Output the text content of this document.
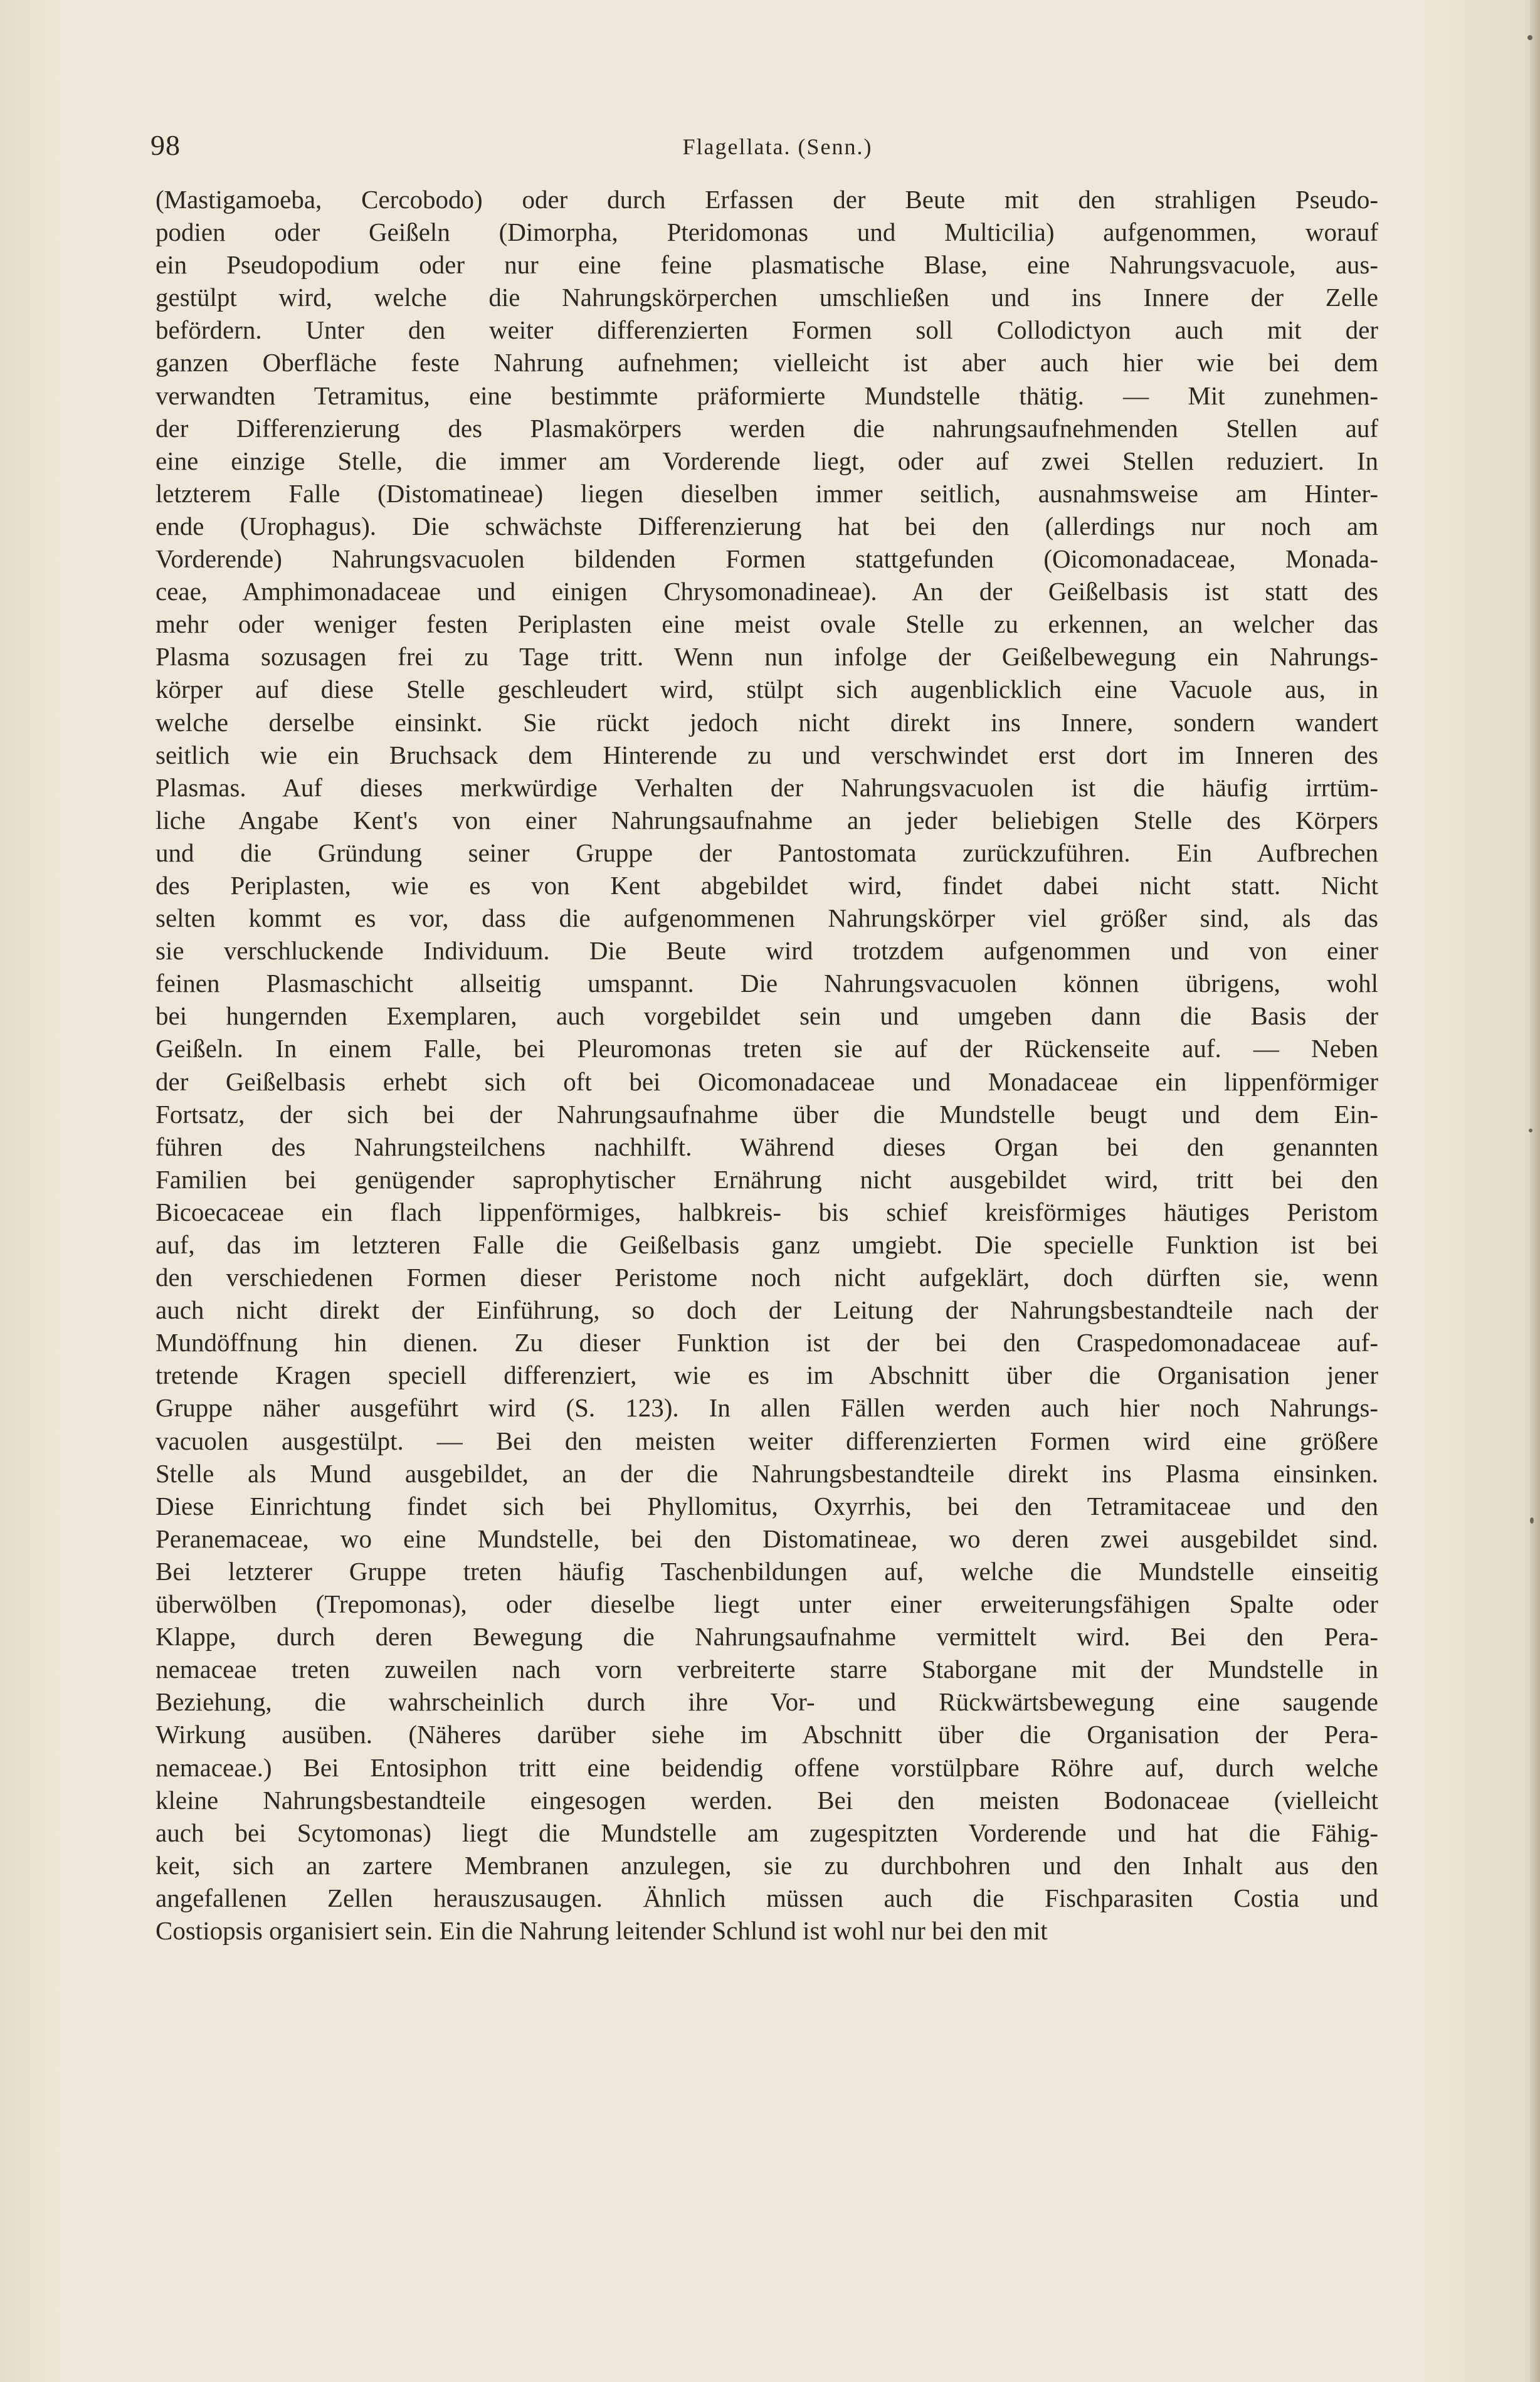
98	Flagellata. (Senn.)
(Mastigamoeba, Cercobodo) oder durch Erfassen der Beute mit den strahligen Pseudo-
podien oder Geißeln (Dimorpha, Pteridomonas und Multicilia) aufgenommen, worauf
ein Pseudopodium oder nur eine feine plasmatische Blase, eine Nahrungsvacuole, aus-
gestülpt wird, welche die Nahrungskörperchen umschließen und ins Innere der Zelle
befördern. Unter den weiter differenzierten Formen soll Collodictyon auch mit der
ganzen Oberfläche feste Nahrung aufnehmen; vielleicht ist aber auch hier wie bei dem
verwandten Tetramitus, eine bestimmte präformierte Mundstelle thätig. — Mit zunehmen-
der Differenzierung des Plasmakörpers werden die nahrungsaufnehmenden Stellen auf
eine einzige Stelle, die immer am Vorderende liegt, oder auf zwei Stellen reduziert. In
letzterem Falle (Distomatineae) liegen dieselben immer seitlich, ausnahmsweise am Hinter-
ende (Urophagus). Die schwächste Differenzierung hat bei den (allerdings nur noch am
Vorderende) Nahrungsvacuolen bildenden Formen stattgefunden (Oicomonadaceae, Monada-
ceae, Amphimonadaceae und einigen Chrysomonadineae). An der Geißelbasis ist statt des
mehr oder weniger festen Periplasten eine meist ovale Stelle zu erkennen, an welcher das
Plasma sozusagen frei zu Tage tritt. Wenn nun infolge der Geißelbewegung ein Nahrungs-
körper auf diese Stelle geschleudert wird, stülpt sich augenblicklich eine Vacuole aus, in
welche derselbe einsinkt. Sie rückt jedoch nicht direkt ins Innere, sondern wandert
seitlich wie ein Bruchsack dem Hinterende zu und verschwindet erst dort im Inneren des
Plasmas. Auf dieses merkwürdige Verhalten der Nahrungsvacuolen ist die häufig irrtüm-
liche Angabe Kent's von einer Nahrungsaufnahme an jeder beliebigen Stelle des Körpers
und die Gründung seiner Gruppe der Pantostomata zurückzuführen. Ein Aufbrechen
des Periplasten, wie es von Kent abgebildet wird, findet dabei nicht statt. Nicht
selten kommt es vor, dass die aufgenommenen Nahrungskörper viel größer sind, als das
sie verschluckende Individuum. Die Beute wird trotzdem aufgenommen und von einer
feinen Plasmaschicht allseitig umspannt. Die Nahrungsvacuolen können übrigens, wohl
bei hungernden Exemplaren, auch vorgebildet sein und umgeben dann die Basis der
Geißeln. In einem Falle, bei Pleuromonas treten sie auf der Rückenseite auf. — Neben
der Geißelbasis erhebt sich oft bei Oicomonadaceae und Monadaceae ein lippenförmiger
Fortsatz, der sich bei der Nahrungsaufnahme über die Mundstelle beugt und dem Ein-
führen des Nahrungsteilchens nachhilft. Während dieses Organ bei den genannten
Familien bei genügender saprophytischer Ernährung nicht ausgebildet wird, tritt bei den
Bicoecaceae ein flach lippenförmiges, halbkreis- bis schief kreisförmiges häutiges Peristom
auf, das im letzteren Falle die Geißelbasis ganz umgiebt. Die specielle Funktion ist bei
den verschiedenen Formen dieser Peristome noch nicht aufgeklärt, doch dürften sie, wenn
auch nicht direkt der Einführung, so doch der Leitung der Nahrungsbestandteile nach der
Mundöffnung hin dienen. Zu dieser Funktion ist der bei den Craspedomonadaceae auf-
tretende Kragen speciell differenziert, wie es im Abschnitt über die Organisation jener
Gruppe näher ausgeführt wird (S. 123). In allen Fällen werden auch hier noch Nahrungs-
vacuolen ausgestülpt. — Bei den meisten weiter differenzierten Formen wird eine größere
Stelle als Mund ausgebildet, an der die Nahrungsbestandteile direkt ins Plasma einsinken.
Diese Einrichtung findet sich bei Phyllomitus, Oxyrrhis, bei den Tetramitaceae und den
Peranemaceae, wo eine Mundstelle, bei den Distomatineae, wo deren zwei ausgebildet sind.
Bei letzterer Gruppe treten häufig Taschenbildungen auf, welche die Mundstelle einseitig
überwölben (Trepomonas), oder dieselbe liegt unter einer erweiterungsfähigen Spalte oder
Klappe, durch deren Bewegung die Nahrungsaufnahme vermittelt wird. Bei den Pera-
nemaceae treten zuweilen nach vorn verbreiterte starre Staborgane mit der Mundstelle in
Beziehung, die wahrscheinlich durch ihre Vor- und Rückwärtsbewegung eine saugende
Wirkung ausüben. (Näheres darüber siehe im Abschnitt über die Organisation der Pera-
nemaceae.) Bei Entosiphon tritt eine beidendig offene vorstülpbare Röhre auf, durch welche
kleine Nahrungsbestandteile eingesogen werden. Bei den meisten Bodonaceae (vielleicht
auch bei Scytomonas) liegt die Mundstelle am zugespitzten Vorderende und hat die Fähig-
keit, sich an zartere Membranen anzulegen, sie zu durchbohren und den Inhalt aus den
angefallenen Zellen herauszusaugen. Ähnlich müssen auch die Fischparasiten Costia und
Costiopsis organisiert sein. Ein die Nahrung leitender Schlund ist wohl nur bei den mit
